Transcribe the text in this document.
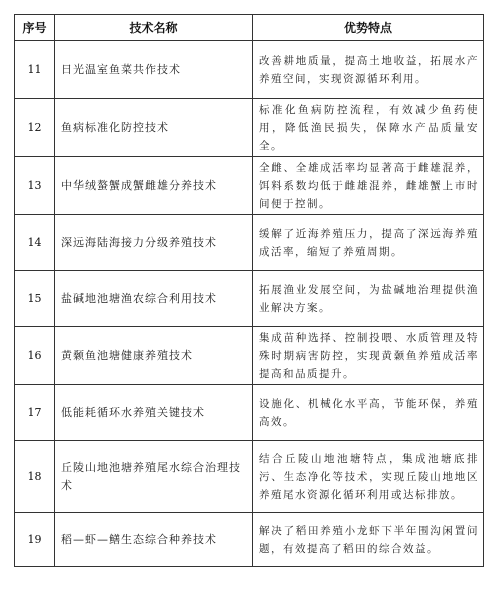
序号	技术名称	优势特点
11	日光温室鱼菜共作技术	改善耕地质量，提高土地收益，拓展水产养殖空间，实现资源循环利用。

12	鱼病标准化防控技术	标准化鱼病防控流程，有效减少鱼药使用，降低渔民损失，保障水产品质量安全。

13	中华绒螯蟹成蟹雌雄分养技术	全雌、全雄成活率均显著高于雌雄混养，饵料系数均低于雌雄混养，雌雄蟹上市时间便于控制。

14	深远海陆海接力分级养殖技术	缓解了近海养殖压力，提高了深远海养殖成活率，缩短了养殖周期。

15	盐碱地池塘渔农综合利用技术	拓展渔业发展空间，为盐碱地治理提供渔业解决方案。

16	黄颡鱼池塘健康养殖技术	集成苗种选择、控制投喂、水质管理及特殊时期病害防控，实现黄颡鱼养殖成活率提高和品质提升。

17	低能耗循环水养殖关键技术	设施化、机械化水平高，节能环保，养殖高效。

18	丘陵山地池塘养殖尾水综合治理技术	结合丘陵山地池塘特点，集成池塘底排污、生态净化等技术，实现丘陵山地地区养殖尾水资源化循环利用或达标排放。

19	稻—虾—鳝生态综合种养技术	解决了稻田养殖小龙虾下半年围沟闲置问题，有效提高了稻田的综合效益。
